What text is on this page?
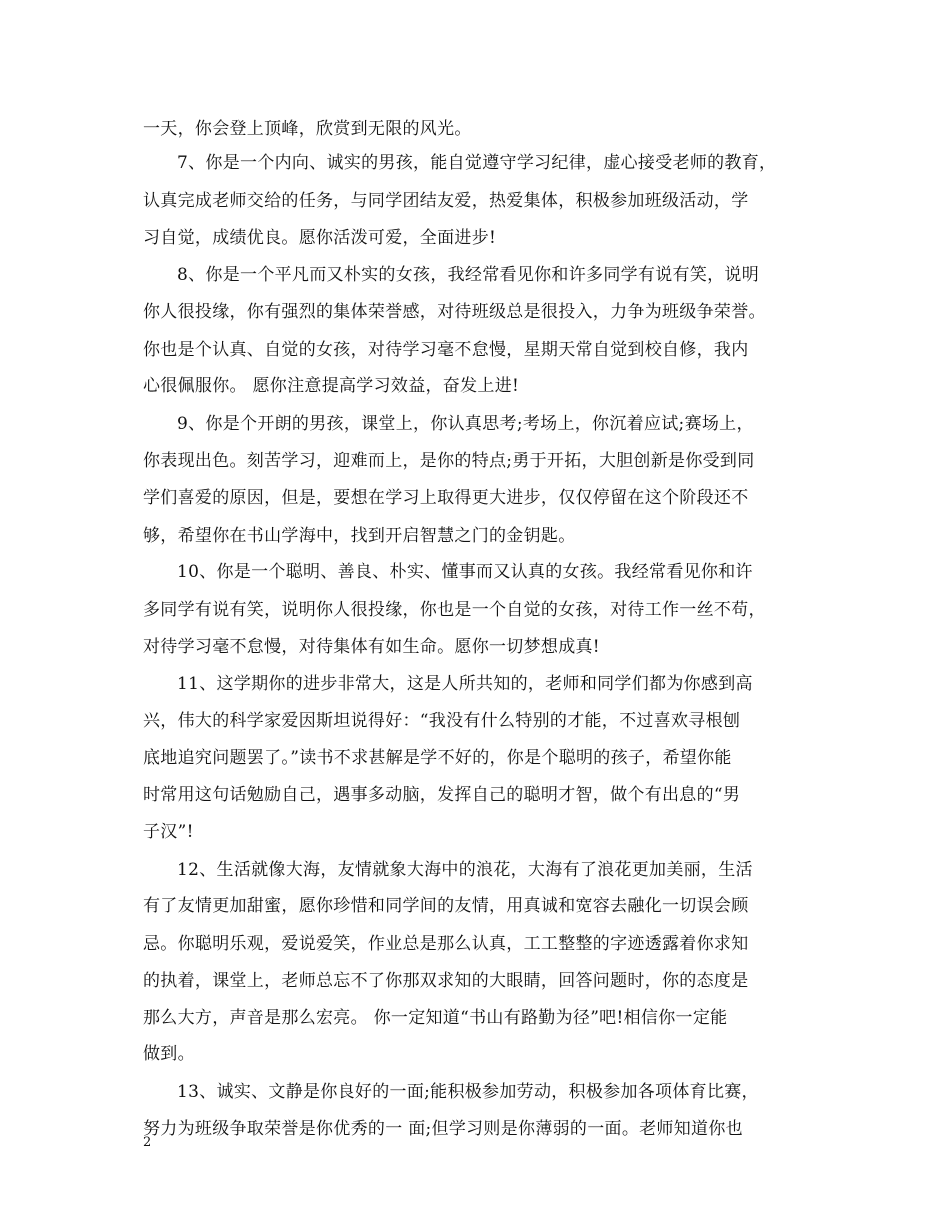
一天，你会登上顶峰，欣赏到无限的风光。
7、你是一个内向、诚实的男孩，能自觉遵守学习纪律，虚心接受老师的教育，
认真完成老师交给的任务，与同学团结友爱，热爱集体，积极参加班级活动，学
习自觉，成绩优良。愿你活泼可爱，全面进步!
8、你是一个平凡而又朴实的女孩，我经常看见你和许多同学有说有笑，说明
你人很投缘，你有强烈的集体荣誉感，对待班级总是很投入，力争为班级争荣誉。
你也是个认真、自觉的女孩，对待学习毫不怠慢，星期天常自觉到校自修，我内
心很佩服你。 愿你注意提高学习效益，奋发上进!
9、你是个开朗的男孩，课堂上，你认真思考;考场上，你沉着应试;赛场上，
你表现出色。刻苦学习，迎难而上，是你的特点;勇于开拓，大胆创新是你受到同
学们喜爱的原因，但是，要想在学习上取得更大进步，仅仅停留在这个阶段还不
够，希望你在书山学海中，找到开启智慧之门的金钥匙。
10、你是一个聪明、善良、朴实、懂事而又认真的女孩。我经常看见你和许
多同学有说有笑，说明你人很投缘，你也是一个自觉的女孩，对待工作一丝不苟，
对待学习毫不怠慢，对待集体有如生命。愿你一切梦想成真!
11、这学期你的进步非常大，这是人所共知的，老师和同学们都为你感到高
兴，伟大的科学家爱因斯坦说得好：“我没有什么特别的才能，不过喜欢寻根刨
底地追究问题罢了。”读书不求甚解是学不好的，你是个聪明的孩子，希望你能
时常用这句话勉励自己，遇事多动脑，发挥自己的聪明才智，做个有出息的“男
子汉”!
12、生活就像大海，友情就象大海中的浪花，大海有了浪花更加美丽，生活
有了友情更加甜蜜，愿你珍惜和同学间的友情，用真诚和宽容去融化一切误会顾
忌。你聪明乐观，爱说爱笑，作业总是那么认真，工工整整的字迹透露着你求知
的执着，课堂上，老师总忘不了你那双求知的大眼睛，回答问题时，你的态度是
那么大方，声音是那么宏亮。 你一定知道“书山有路勤为径”吧!相信你一定能
做到。
13、诚实、文静是你良好的一面;能积极参加劳动，积极参加各项体育比赛，
努力为班级争取荣誉是你优秀的一 面;但学习则是你薄弱的一面。老师知道你也
2
